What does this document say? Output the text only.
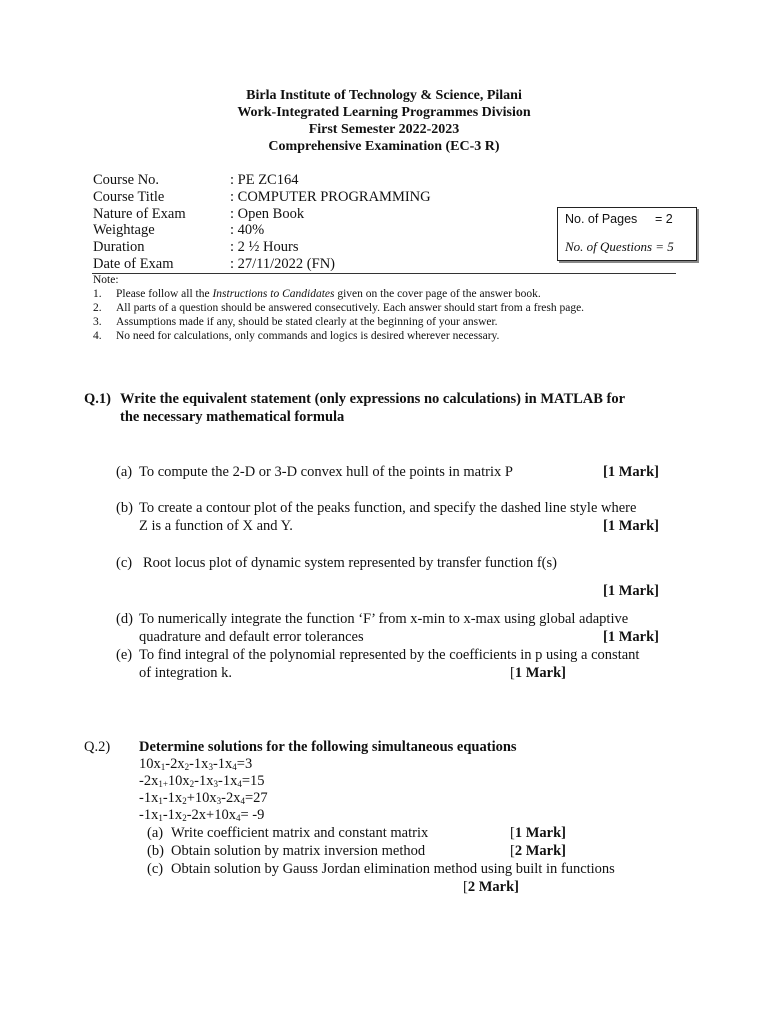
Birla Institute of Technology & Science, Pilani
Work-Integrated Learning Programmes Division
First Semester 2022-2023
Comprehensive Examination (EC-3 R)
Course No.	: PE ZC164
Course Title	: COMPUTER PROGRAMMING
Nature of Exam	: Open Book
Weightage	: 40%
Duration	: 2 ½ Hours
Date of Exam	: 27/11/2022 (FN)
No. of Pages = 2
No. of Questions = 5
Note:
1. Please follow all the Instructions to Candidates given on the cover page of the answer book.
2. All parts of a question should be answered consecutively. Each answer should start from a fresh page.
3. Assumptions made if any, should be stated clearly at the beginning of your answer.
4. No need for calculations, only commands and logics is desired wherever necessary.
Q.1) Write the equivalent statement (only expressions no calculations) in MATLAB for
the necessary mathematical formula
(a) To compute the 2-D or 3-D convex hull of the points in matrix P	[1 Mark]
(b) To create a contour plot of the peaks function, and specify the dashed line style where
Z is a function of X and Y.	[1 Mark]
(c) Root locus plot of dynamic system represented by transfer function f(s)
[1 Mark]
(d) To numerically integrate the function ‘F’ from x-min to x-max using global adaptive
quadrature and default error tolerances	[1 Mark]
(e) To find integral of the polynomial represented by the coefficients in p using a constant
of integration k.	[1 Mark]
Q.2) Determine solutions for the following simultaneous equations
$10x_1-2x_2-1x_3-1x_4=3$
$-2x_{1+}10x_2-1x_3-1x_4=15$
$-1x_1-1x_2+10x_3-2x_4=27$
$-1x_1-1x_2-2x+10x_4= -9$
(a) Write coefficient matrix and constant matrix	[1 Mark]
(b) Obtain solution by matrix inversion method	[2 Mark]
(c) Obtain solution by Gauss Jordan elimination method using built in functions
[2 Mark]
